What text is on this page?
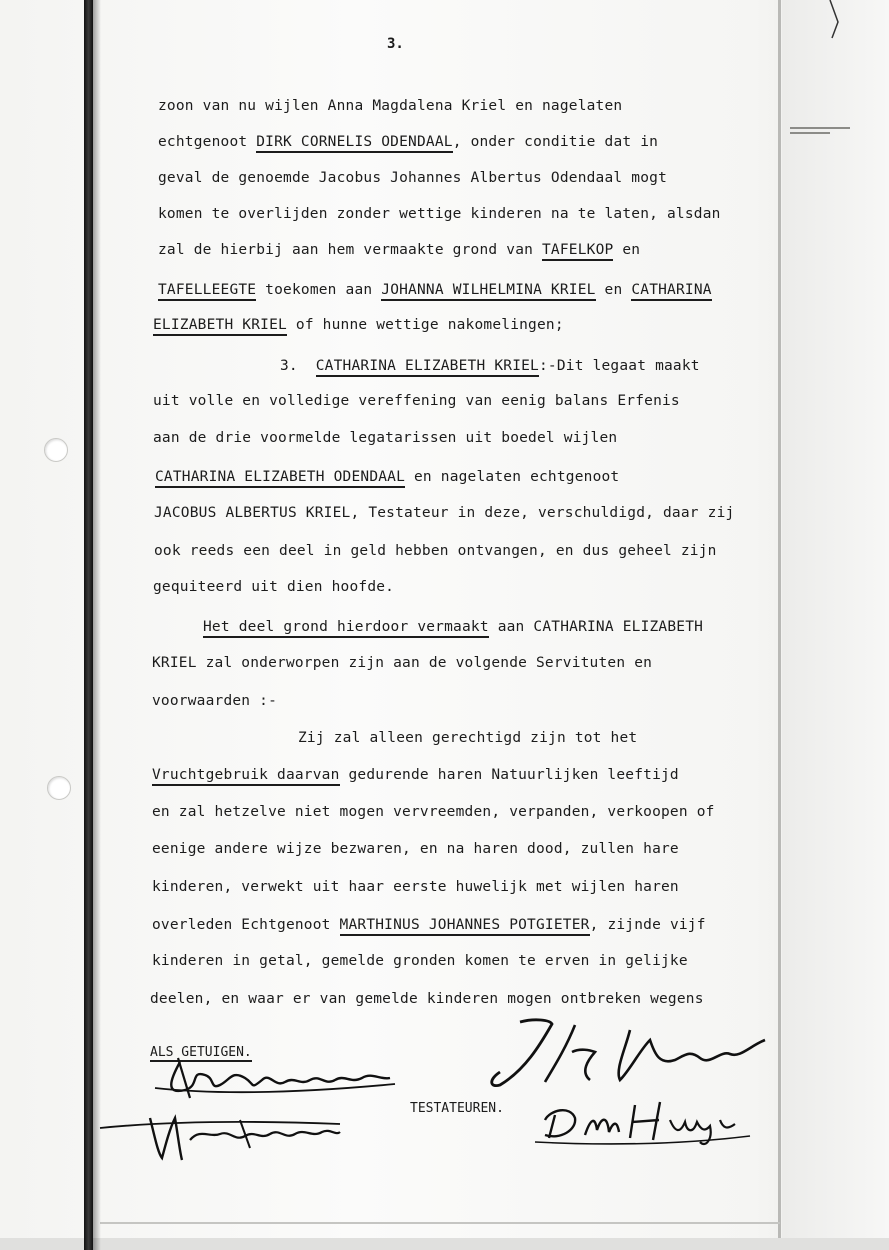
3.
zoon van nu wijlen Anna Magdalena Kriel en nagelaten
echtgenoot DIRK CORNELIS ODENDAAL, onder conditie dat in
geval de genoemde Jacobus Johannes Albertus Odendaal mogt
komen te overlijden zonder wettige kinderen na te laten, alsdan
zal de hierbij aan hem vermaakte grond van TAFELKOP en
TAFELLEEGTE toekomen aan JOHANNA WILHELMINA KRIEL en CATHARINA
ELIZABETH KRIEL of hunne wettige nakomelingen;
3.  CATHARINA ELIZABETH KRIEL:-Dit legaat maakt
uit volle en volledige vereffening van eenig balans Erfenis
aan de drie voormelde legatarissen uit boedel wijlen
CATHARINA ELIZABETH ODENDAAL en nagelaten echtgenoot
JACOBUS ALBERTUS KRIEL, Testateur in deze, verschuldigd, daar zij
ook reeds een deel in geld hebben ontvangen, en dus geheel zijn
gequiteerd uit dien hoofde.
Het deel grond hierdoor vermaakt aan CATHARINA ELIZABETH
KRIEL zal onderworpen zijn aan de volgende Servituten en
voorwaarden :-
Zij zal alleen gerechtigd zijn tot het
Vruchtgebruik daarvan gedurende haren Natuurlijken leeftijd
en zal hetzelve niet mogen vervreemden, verpanden, verkoopen of
eenige andere wijze bezwaren, en na haren dood, zullen hare
kinderen, verwekt uit haar eerste huwelijk met wijlen haren
overleden Echtgenoot MARTHINUS JOHANNES POTGIETER, zijnde vijf
kinderen in getal, gemelde gronden komen te erven in gelijke
deelen, en waar er van gemelde kinderen mogen ontbreken wegens
ALS GETUIGEN.
TESTATEUREN.
